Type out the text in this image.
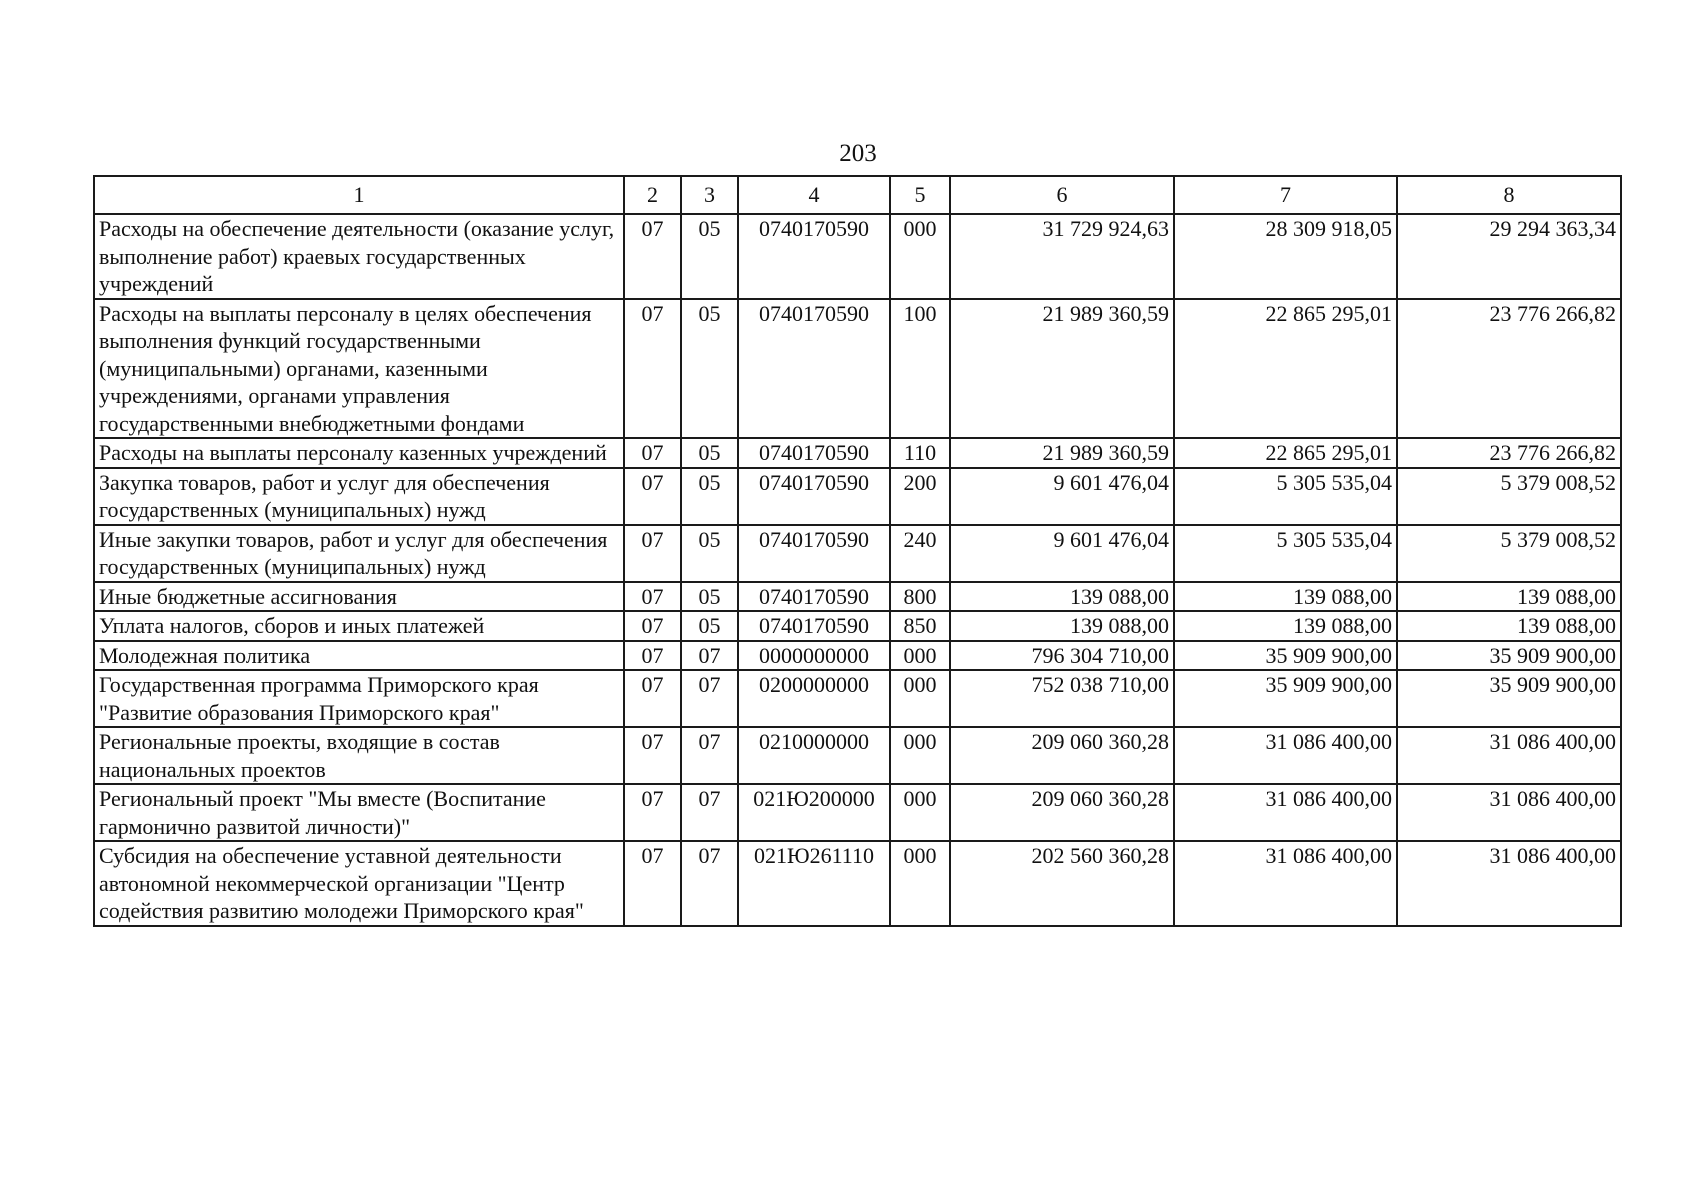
203
1	2	3	4	5	6	7	8
Расходы на обеспечение деятельности (оказание услуг, выполнение работ) краевых государственных учреждений	07	05	0740170590	000	31 729 924,63	28 309 918,05	29 294 363,34
Расходы на выплаты персоналу в целях обеспечения выполнения функций государственными (муниципальными) органами, казенными учреждениями, органами управления государственными внебюджетными фондами	07	05	0740170590	100	21 989 360,59	22 865 295,01	23 776 266,82
Расходы на выплаты персоналу казенных учреждений	07	05	0740170590	110	21 989 360,59	22 865 295,01	23 776 266,82
Закупка товаров, работ и услуг для обеспечения государственных (муниципальных) нужд	07	05	0740170590	200	9 601 476,04	5 305 535,04	5 379 008,52
Иные закупки товаров, работ и услуг для обеспечения государственных (муниципальных) нужд	07	05	0740170590	240	9 601 476,04	5 305 535,04	5 379 008,52
Иные бюджетные ассигнования	07	05	0740170590	800	139 088,00	139 088,00	139 088,00
Уплата налогов, сборов и иных платежей	07	05	0740170590	850	139 088,00	139 088,00	139 088,00
Молодежная политика	07	07	0000000000	000	796 304 710,00	35 909 900,00	35 909 900,00
Государственная программа Приморского края "Развитие образования Приморского края"	07	07	0200000000	000	752 038 710,00	35 909 900,00	35 909 900,00
Региональные проекты, входящие в состав национальных проектов	07	07	0210000000	000	209 060 360,28	31 086 400,00	31 086 400,00
Региональный проект "Мы вместе (Воспитание гармонично развитой личности)"	07	07	021Ю200000	000	209 060 360,28	31 086 400,00	31 086 400,00
Субсидия на обеспечение уставной деятельности автономной некоммерческой организации "Центр содействия развитию молодежи Приморского края"	07	07	021Ю261110	000	202 560 360,28	31 086 400,00	31 086 400,00
